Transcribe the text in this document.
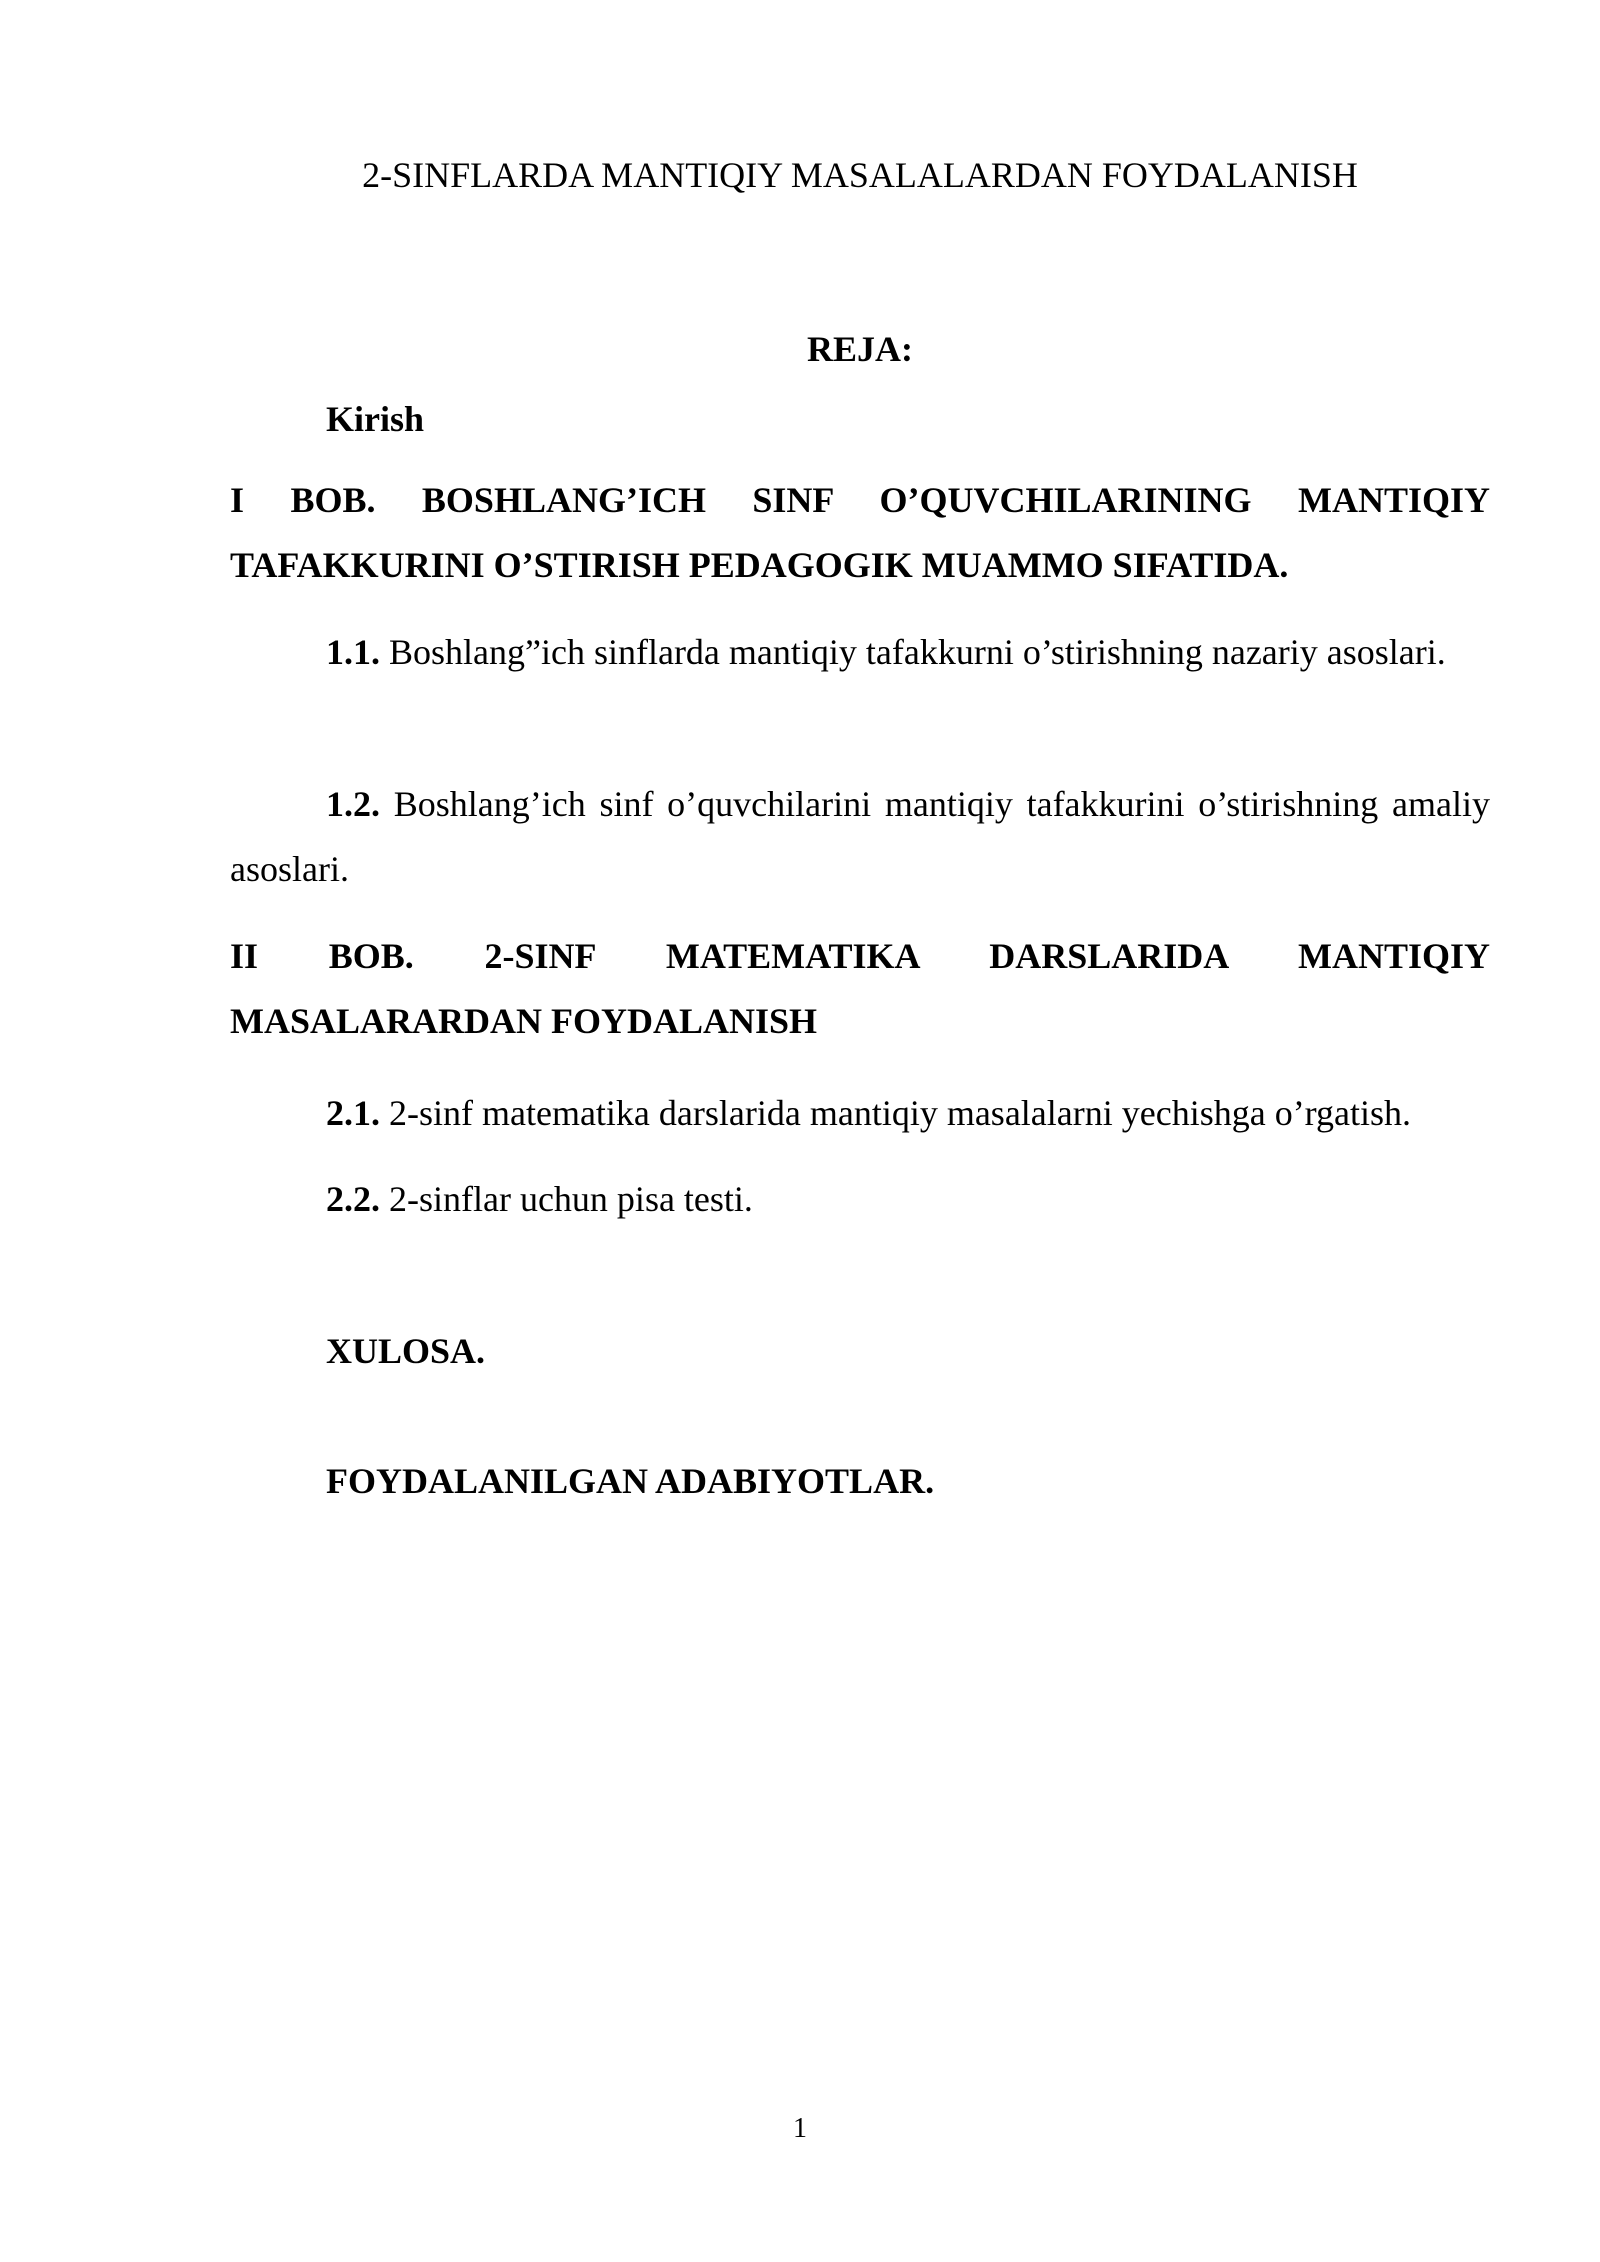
2-SINFLARDA MANTIQIY MASALALARDAN FOYDALANISH
REJA:
Kirish
I BOB. BOSHLANG’ICH SINF O’QUVCHILARINING MANTIQIY TAFAKKURINI O’STIRISH PEDAGOGIK MUAMMO SIFATIDA.
1.1. Boshlang”ich sinflarda mantiqiy tafakkurni o’stirishning nazariy asoslari.
1.2. Boshlang’ich sinf o’quvchilarini mantiqiy tafakkurini o’stirishning amaliy asoslari.
II BOB. 2-SINF MATEMATIKA DARSLARIDA MANTIQIY MASALARARDAN FOYDALANISH
2.1. 2-sinf matematika darslarida mantiqiy masalalarni yechishga o’rgatish.
2.2. 2-sinflar uchun pisa testi.
XULOSA.
FOYDALANILGAN ADABIYOTLAR.
1
